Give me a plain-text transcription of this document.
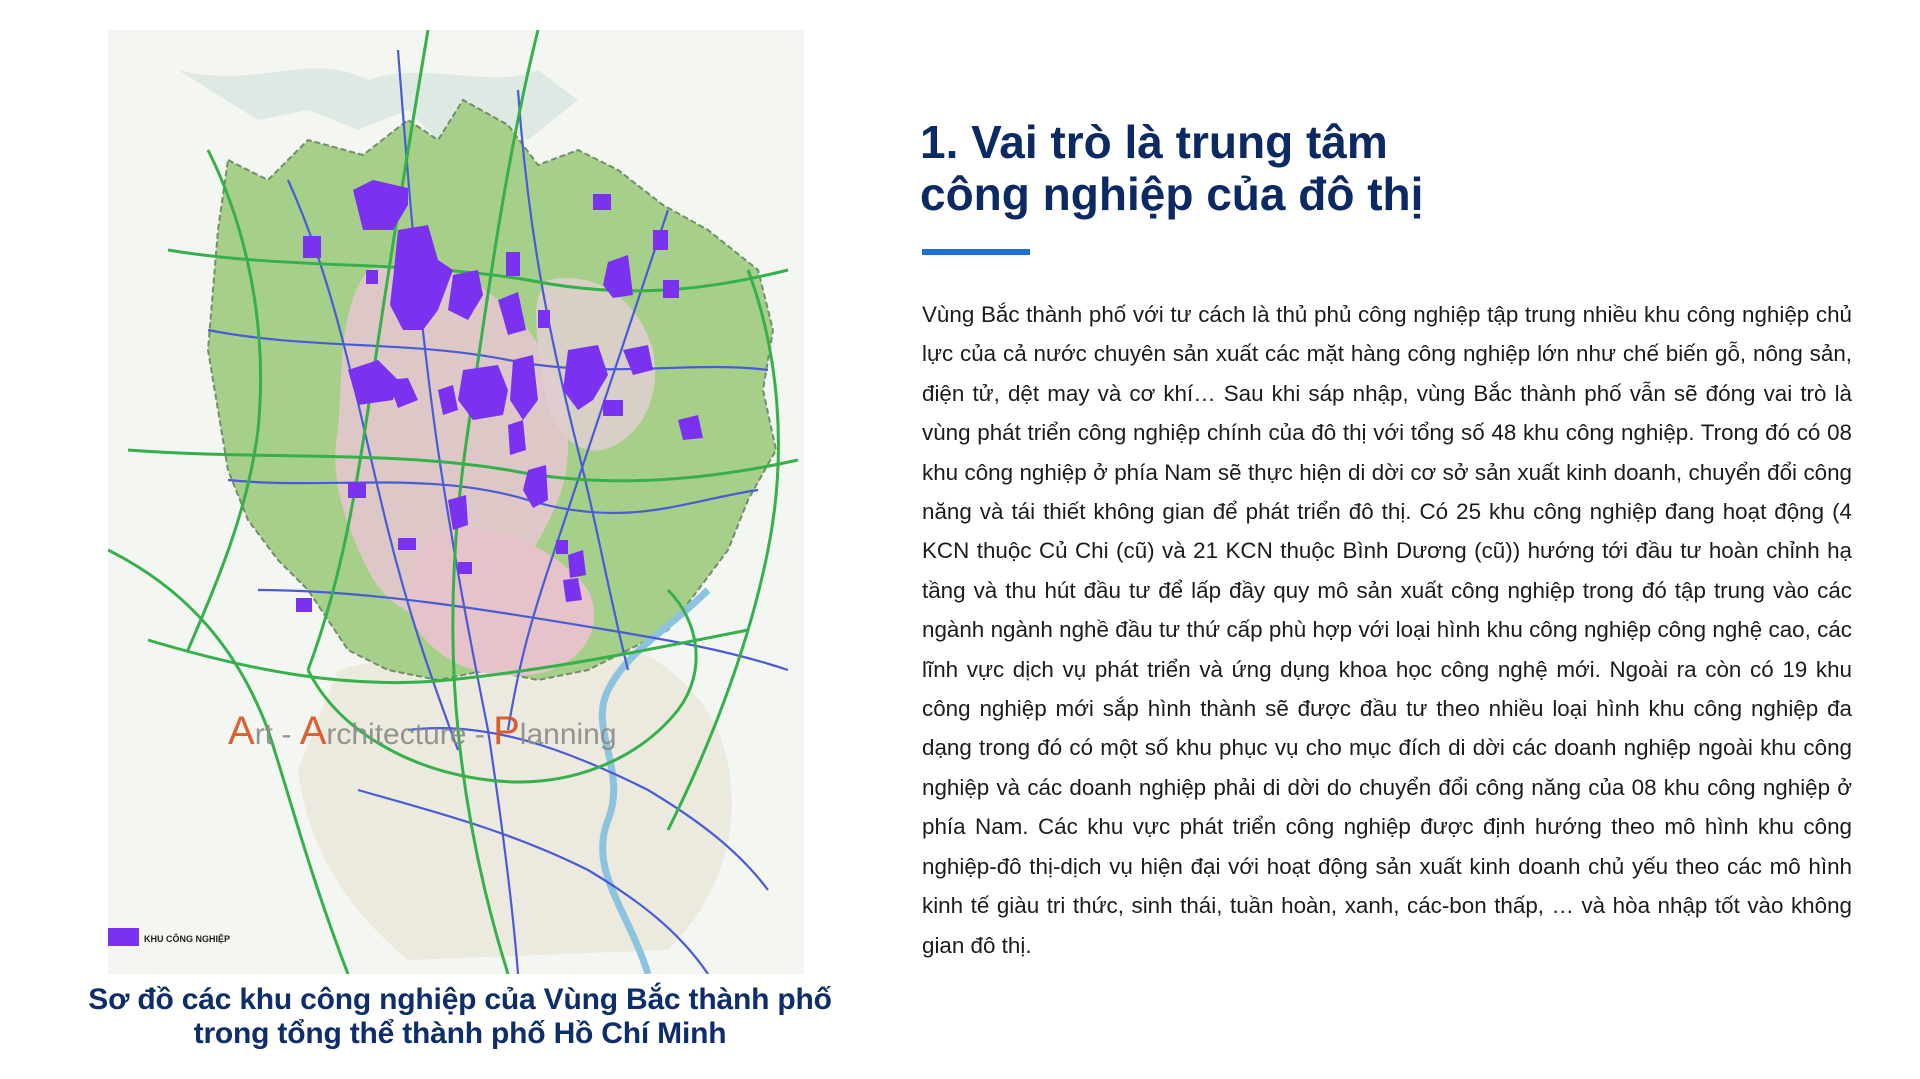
Art - Architecture - Planning
KHU CÔNG NGHIỆP
Sơ đồ các khu công nghiệp của Vùng Bắc thành phố
trong tổng thể thành phố Hồ Chí Minh
1. Vai trò là trung tâm
công nghiệp của đô thị

Vùng Bắc thành phố với tư cách là thủ phủ công nghiệp tập trung nhiều khu công nghiệp chủ lực của cả nước chuyên sản xuất các mặt hàng công nghiệp lớn như chế biến gỗ, nông sản, điện tử, dệt may và cơ khí… Sau khi sáp nhập, vùng Bắc thành phố vẫn sẽ đóng vai trò là vùng phát triển công nghiệp chính của đô thị với tổng số 48 khu công nghiệp. Trong đó có 08 khu công nghiệp ở phía Nam sẽ thực hiện di dời cơ sở sản xuất kinh doanh, chuyển đổi công năng và tái thiết không gian để phát triển đô thị. Có 25 khu công nghiệp đang hoạt động (4 KCN thuộc Củ Chi (cũ) và 21 KCN thuộc Bình Dương (cũ)) hướng tới đầu tư hoàn chỉnh hạ tầng và thu hút đầu tư để lấp đầy quy mô sản xuất công nghiệp trong đó tập trung vào các ngành ngành nghề đầu tư thứ cấp phù hợp với loại hình khu công nghiệp công nghệ cao, các lĩnh vực dịch vụ phát triển và ứng dụng khoa học công nghệ mới. Ngoài ra còn có 19 khu công nghiệp mới sắp hình thành sẽ được đầu tư theo nhiều loại hình khu công nghiệp đa dạng trong đó có một số khu phục vụ cho mục đích di dời các doanh nghiệp ngoài khu công nghiệp và các doanh nghiệp phải di dời do chuyển đổi công năng của 08 khu công nghiệp ở phía Nam. Các khu vực phát triển công nghiệp được định hướng theo mô hình khu công nghiệp-đô thị-dịch vụ hiện đại với hoạt động sản xuất kinh doanh chủ yếu theo các mô hình kinh tế giàu tri thức, sinh thái, tuần hoàn, xanh, các-bon thấp, … và hòa nhập tốt vào không gian đô thị.
